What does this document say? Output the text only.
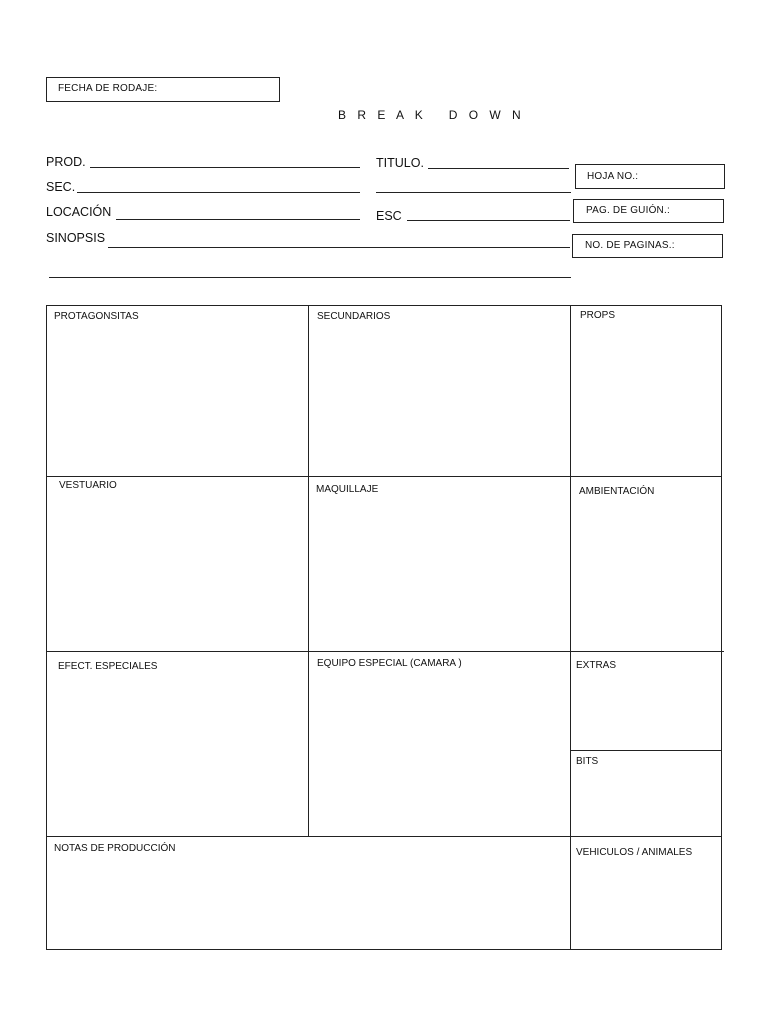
FECHA DE RODAJE:
B R E A K   D O W N
PROD.
SEC.
LOCACIÓN
SINOPSIS
TITULO.
ESC
HOJA NO.:
PAG. DE GUIÓN.:
NO. DE PAGINAS.:
PROTAGONSITAS	SECUNDARIOS	PROPS
VESTUARIO	MAQUILLAJE	AMBIENTACIÓN
EFECT. ESPECIALES	EQUIPO ESPECIAL (CAMARA )	EXTRAS
BITS
NOTAS DE PRODUCCIÓN	VEHICULOS / ANIMALES
